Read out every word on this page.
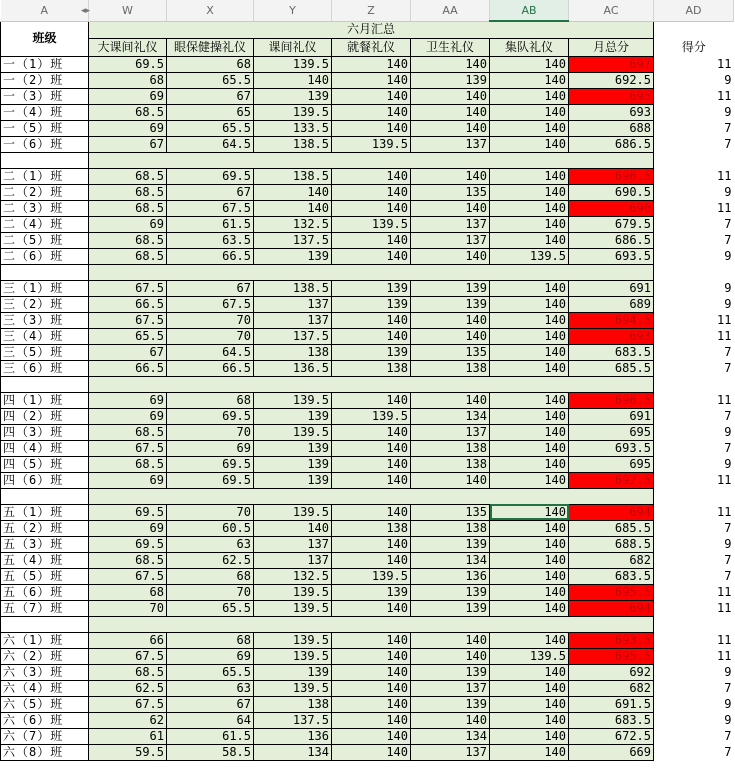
A ◂▸	W	X	Y	Z	AA	AB	AC	AD
班级	六月汇总							
	大课间礼仪	眼保健操礼仪	课间礼仪	就餐礼仪	卫生礼仪	集队礼仪	月总分	得分
一（1）班	69.5	68	139.5	140	140	140	697	11
一（2）班	68	65.5	140	140	139	140	692.5	9
一（3）班	69	67	139	140	140	140	695	11
一（4）班	68.5	65	139.5	140	140	140	693	9
一（5）班	69	65.5	133.5	140	140	140	688	7
一（6）班	67	64.5	138.5	139.5	137	140	686.5	7

二（1）班	68.5	69.5	138.5	140	140	140	696.5	11
二（2）班	68.5	67	140	140	135	140	690.5	9
二（3）班	68.5	67.5	140	140	140	140	696	11
二（4）班	69	61.5	132.5	139.5	137	140	679.5	7
二（5）班	68.5	63.5	137.5	140	137	140	686.5	7
二（6）班	68.5	66.5	139	140	140	139.5	693.5	9

三（1）班	67.5	67	138.5	139	139	140	691	9
三（2）班	66.5	67.5	137	139	139	140	689	9
三（3）班	67.5	70	137	140	140	140	694.5	11
三（4）班	65.5	70	137.5	140	140	140	693	11
三（5）班	67	64.5	138	139	135	140	683.5	7
三（6）班	66.5	66.5	136.5	138	138	140	685.5	7

四（1）班	69	68	139.5	140	140	140	696.5	11
四（2）班	69	69.5	139	139.5	134	140	691	7
四（3）班	68.5	70	139.5	140	137	140	695	9
四（4）班	67.5	69	139	140	138	140	693.5	7
四（5）班	68.5	69.5	139	140	138	140	695	9
四（6）班	69	69.5	139	140	140	140	697.5	11

五（1）班	69.5	70	139.5	140	135	140	694	11
五（2）班	69	60.5	140	138	138	140	685.5	7
五（3）班	69.5	63	137	140	139	140	688.5	9
五（4）班	68.5	62.5	137	140	134	140	682	7
五（5）班	67.5	68	132.5	139.5	136	140	683.5	7
五（6）班	68	70	139.5	139	139	140	695.5	11
五（7）班	70	65.5	139.5	140	139	140	694	11

六（1）班	66	68	139.5	140	140	140	693.5	11
六（2）班	67.5	69	139.5	140	140	139.5	695.5	11
六（3）班	68.5	65.5	139	140	139	140	692	9
六（4）班	62.5	63	139.5	140	137	140	682	7
六（5）班	67.5	67	138	140	139	140	691.5	9
六（6）班	62	64	137.5	140	140	140	683.5	9
六（7）班	61	61.5	136	140	134	140	672.5	7
六（8）班	59.5	58.5	134	140	137	140	669	7
